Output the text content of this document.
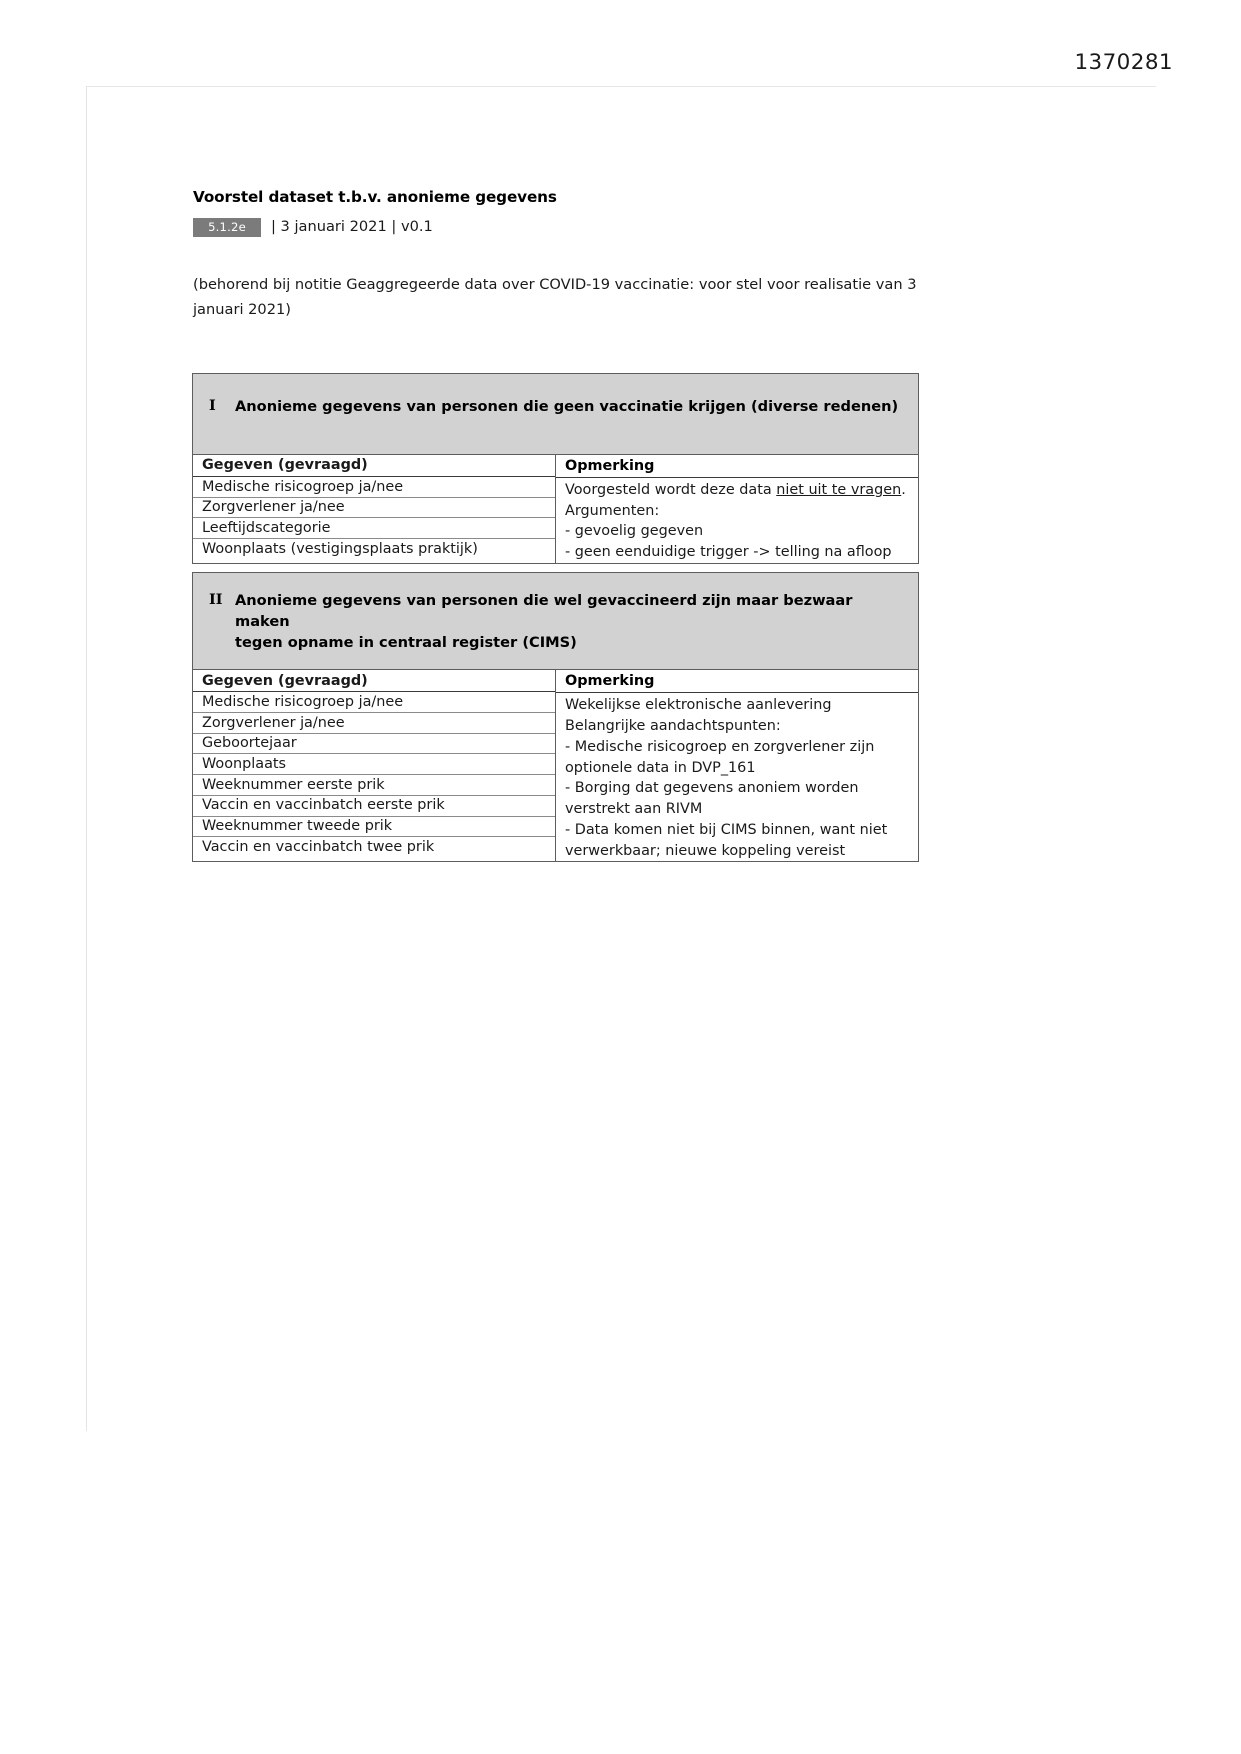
1370281
Voorstel dataset t.b.v. anonieme gegevens
5.1.2e	| 3 januari 2021 | v0.1
(behorend bij notitie Geaggregeerde data over COVID-19 vaccinatie: voor stel voor realisatie van 3 januari 2021)
I	Anonieme gegevens van personen die geen vaccinatie krijgen (diverse redenen)
Gegeven (gevraagd)
Medische risicogroep ja/nee
Zorgverlener ja/nee
Leeftijdscategorie
Woonplaats (vestigingsplaats praktijk)
Opmerking
Voorgesteld wordt deze data niet uit te vragen.
Argumenten:
- gevoelig gegeven
- geen eenduidige trigger -> telling na afloop
II Anonieme gegevens van personen die wel gevaccineerd zijn maar bezwaar maken
tegen opname in centraal register (CIMS)
Gegeven (gevraagd)
Medische risicogroep ja/nee
Zorgverlener ja/nee
Geboortejaar
Woonplaats
Weeknummer eerste prik
Vaccin en vaccinbatch eerste prik
Weeknummer tweede prik
Vaccin en vaccinbatch twee prik
Opmerking
Wekelijkse elektronische aanlevering
Belangrijke aandachtspunten:
- Medische risicogroep en zorgverlener zijn optionele data in DVP_161
- Borging dat gegevens anoniem worden verstrekt aan RIVM
- Data komen niet bij CIMS binnen, want niet verwerkbaar; nieuwe koppeling vereist
